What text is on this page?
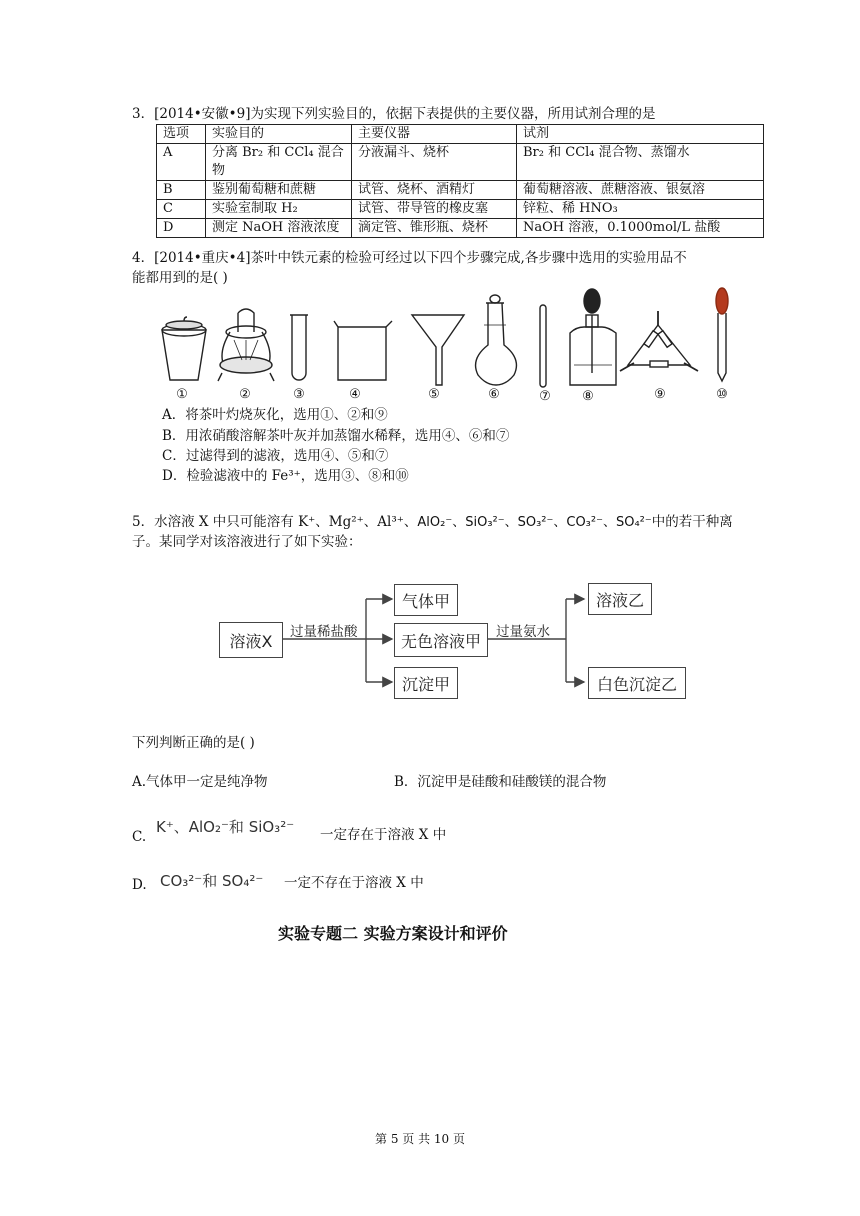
3．[2014•安徽•9]为实现下列实验目的，依据下表提供的主要仪器，所用试剂合理的是
选项	实验目的	主要仪器	试剂
A	分离 Br₂ 和 CCl₄ 混合物	分液漏斗、烧杯	Br₂ 和 CCl₄ 混合物、蒸馏水
B	鉴别葡萄糖和蔗糖	试管、烧杯、酒精灯	葡萄糖溶液、蔗糖溶液、银氨溶
C	实验室制取 H₂	试管、带导管的橡皮塞	锌粒、稀 HNO₃
D	测定 NaOH 溶液浓度	滴定管、锥形瓶、烧杯	NaOH 溶液，0.1000mol/L 盐酸
4．[2014•重庆•4]茶叶中铁元素的检验可经过以下四个步骤完成,各步骤中选用的实验用品不
能都用到的是( )
①	②	③	④	⑤	⑥	⑦	⑧	⑨	⑩
A．将茶叶灼烧灰化，选用①、②和⑨
B．用浓硝酸溶解茶叶灰并加蒸馏水稀释，选用④、⑥和⑦
C．过滤得到的滤液，选用④、⑤和⑦
D．检验滤液中的 Fe³⁺，选用③、⑧和⑩
5．水溶液 X 中只可能溶有 K⁺、Mg²⁺、Al³⁺、AlO₂⁻、SiO₃²⁻、SO₃²⁻、CO₃²⁻、SO₄²⁻中的若干种离
子。某同学对该溶液进行了如下实验：
溶液X	过量稀盐酸
气体甲
无色溶液甲
沉淀甲
过量氨水
溶液乙
白色沉淀乙
下列判断正确的是( )
A.气体甲一定是纯净物	B．沉淀甲是硅酸和硅酸镁的混合物
C.
K⁺、AlO₂⁻和 SiO₃²⁻ 一定存在于溶液 X 中
D. CO₃²⁻和 SO₄²⁻ 一定不存在于溶液 X 中
实验专题二 实验方案设计和评价
第 5 页 共 10 页
